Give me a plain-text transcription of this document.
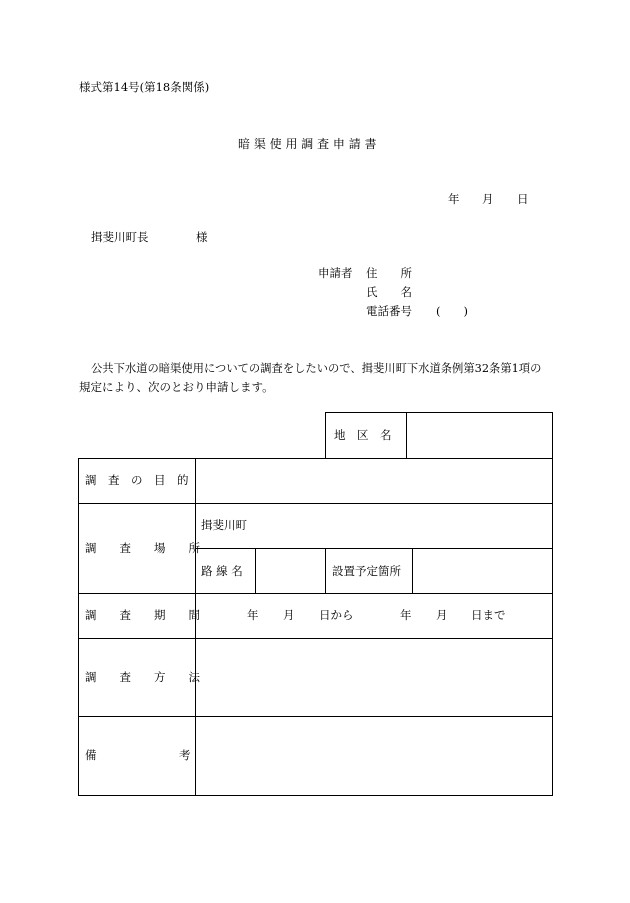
様式第14号(第18条関係)
暗 渠 使 用 調 査 申 請 書
年 月 日
揖斐川町長	様
申請者 住　　所
氏　　名
電話番号 (　　)
公共下水道の暗渠使用についての調査をしたいので、揖斐川町下水道条例第32条第1項の
規定により、次のとおり申請します。
地　区　名
調　査　の　目　的
調　　査　　場　　所
揖斐川町
路 線 名	設置予定箇所
調　　査　　期　　間	年 月 日から	年 月 日まで
調　　査　　方　　法
備	考
